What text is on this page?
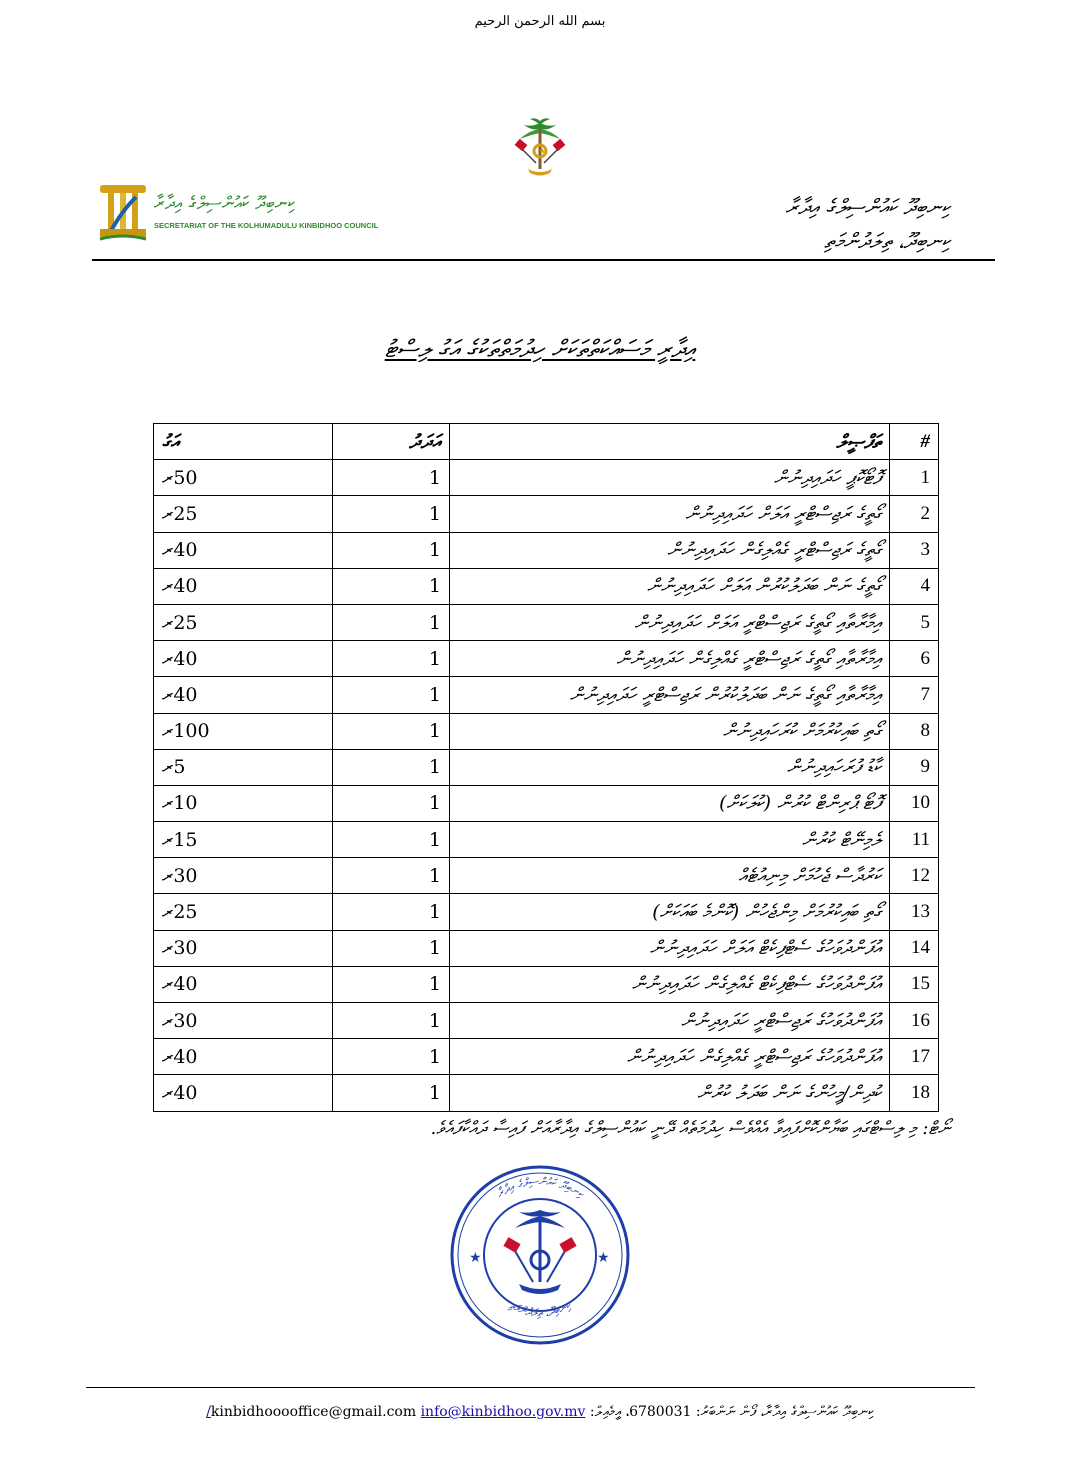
بسم الله الرحمن الرحيم
ކިނބިދޫ ކައުންސިލްގެ އިދާރާ
SECRETARIAT OF THE KOLHUMADULU KINBIDHOO COUNCIL
ކިނބިދޫ ކައުންސިލްގެ އިދާރާ
ކިނބިދޫ، ތިލަދުންމަތި
އިދާރީ މަސައްކަތްތަކަށް ހިދުމަތްތަކުގެ އަގު ލިސްޓު
އަގު	އަދަދު	ތަފްޞީލް	#
50ރ	1	ފޮޓޯކޮޕީ ހަދައިދިނުން	1
25ރ	1	ގޯތީގެ ރަޖިސްޓްރީ އަލަށް ހަދައިދިނުން	2
40ރ	1	ގޯތީގެ ރަޖިސްޓްރީ ގެއްލިގެން ހަދައިދިނުން	3
40ރ	1	ގޯތީގެ ނަން ބަދަލުކުރުން އަލަށް ހަދައިދިނުން	4
25ރ	1	އިމާރާތާއި ގޯތީގެ ރަޖިސްޓްރީ އަލަށް ހަދައިދިނުން	5
40ރ	1	އިމާރާތާއި ގޯތީގެ ރަޖިސްޓްރީ ގެއްލިގެން ހަދައިދިނުން	6
40ރ	1	އިމާރާތާއި ގޯތީގެ ނަން ބަދަލުކުރުން ރަޖިސްޓްރީ ހަދައިދިނުން	7
100ރ	1	ގޯތި ބައިކުރުމަށް ކުރަހައިދިނުން	8
5ރ	1	ކާޑު ފުރަހައިދިނުން	9
10ރ	1	ފޮޓޯ ޕްރިންޓް ކުރުން (ކުލަކަށް)	10
15ރ	1	ލެމިނޭޓް ކުރުން	11
30ރ	1	ކަރުދާސް ޖެހުމަށް މިނިއުޓެއް	12
25ރ	1	ގޯތި ބައިކުރުމަށް މިންޖެހުން (ކޮންމެ ބައަކަށް)	13
30ރ	1	އުފަންދުވަހުގެ ސެޓްފިކެޓް އަލަށް ހަދައިދިނުން	14
40ރ	1	އުފަންދުވަހުގެ ސެޓްފިކެޓް ގެއްލިގެން ހަދައިދިނުން	15
30ރ	1	އުފަންދުވަހުގެ ރަޖިސްޓްރީ ހަދައިދިނުން	16
40ރ	1	އުފަންދުވަހުގެ ރަޖިސްޓްރީ ގެއްލިގެން ހަދައިދިނުން	17
40ރ	1	ކުދިން/މީހުންގެ ނަން ބަދަލު ކުރުން	18
ނޯޓް: މި ލިސްޓްގައި ބަޔާންކޮށްފައިވާ އެއްވެސް ހިދުމަތެއް ދޭނީ ކައުންސިލްގެ އިދާރާއަށް ފައިސާ ދައްކާފައެވެ.
★	★
ކިނބިދޫ ކައުންސިލްގެ އިދާރާ
ކިނބިދޫ، ތިލަދުންމަތި
ކިނބިދޫ ކައުންސިލްގެ އިދާރާ، ފޯން ނަންބަރު: 6780031، އީމެއިލް: kinbidhooooffice@gmail.com info@kinbidhoo.gov.mv/
